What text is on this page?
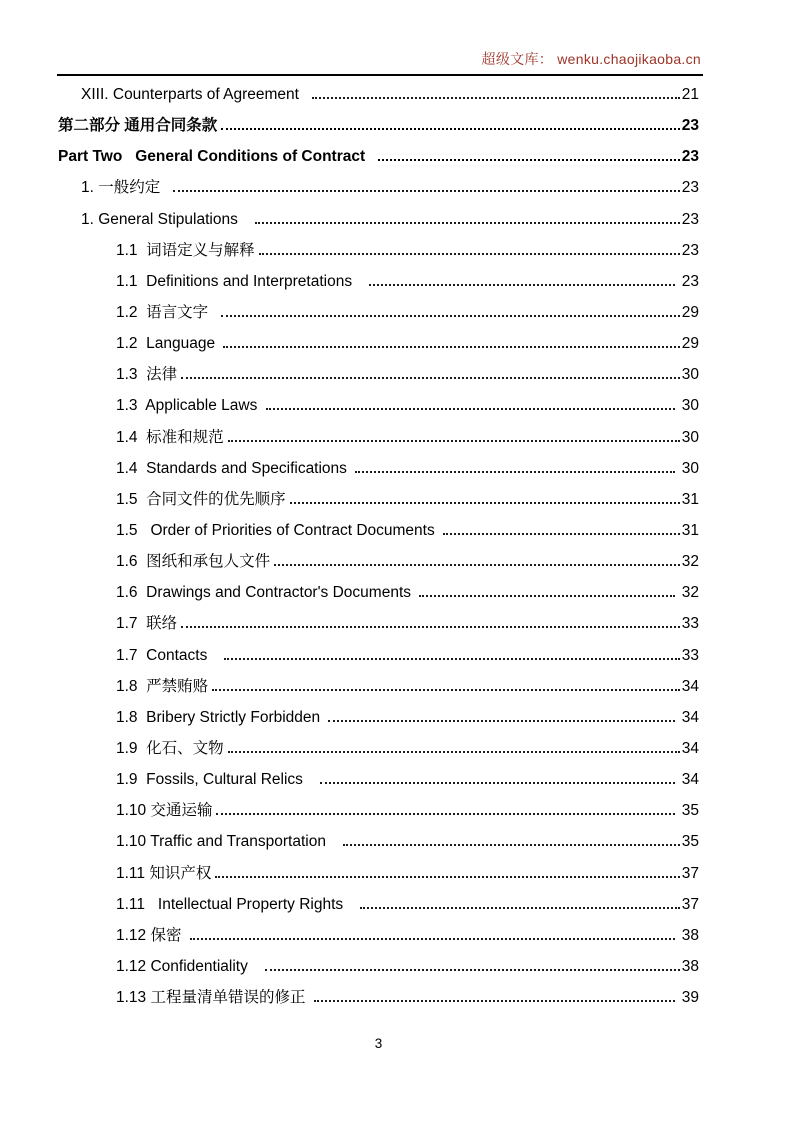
超级文库： wenku.chaojikaoba.cn
XIII. Counterparts of Agreement	21
第二部分 通用合同条款	23
Part Two   General Conditions of Contract	23
1. 一般约定	23
1. General Stipulations	23
1.1  词语定义与解释	23
1.1  Definitions and Interpretations	23
1.2  语言文字	29
1.2  Language	29
1.3  法律	30
1.3  Applicable Laws	30
1.4  标准和规范	30
1.4  Standards and Specifications	30
1.5  合同文件的优先顺序	31
1.5   Order of Priorities of Contract Documents	31
1.6  图纸和承包人文件	32
1.6  Drawings and Contractor's Documents	32
1.7  联络	33
1.7  Contacts	33
1.8  严禁贿赂	34
1.8  Bribery Strictly Forbidden	34
1.9  化石、文物	34
1.9  Fossils, Cultural Relics	34
1.10 交通运输	35
1.10 Traffic and Transportation	35
1.11 知识产权	37
1.11   Intellectual Property Rights	37
1.12 保密	38
1.12 Confidentiality	38
1.13 工程量清单错误的修正	39
3
